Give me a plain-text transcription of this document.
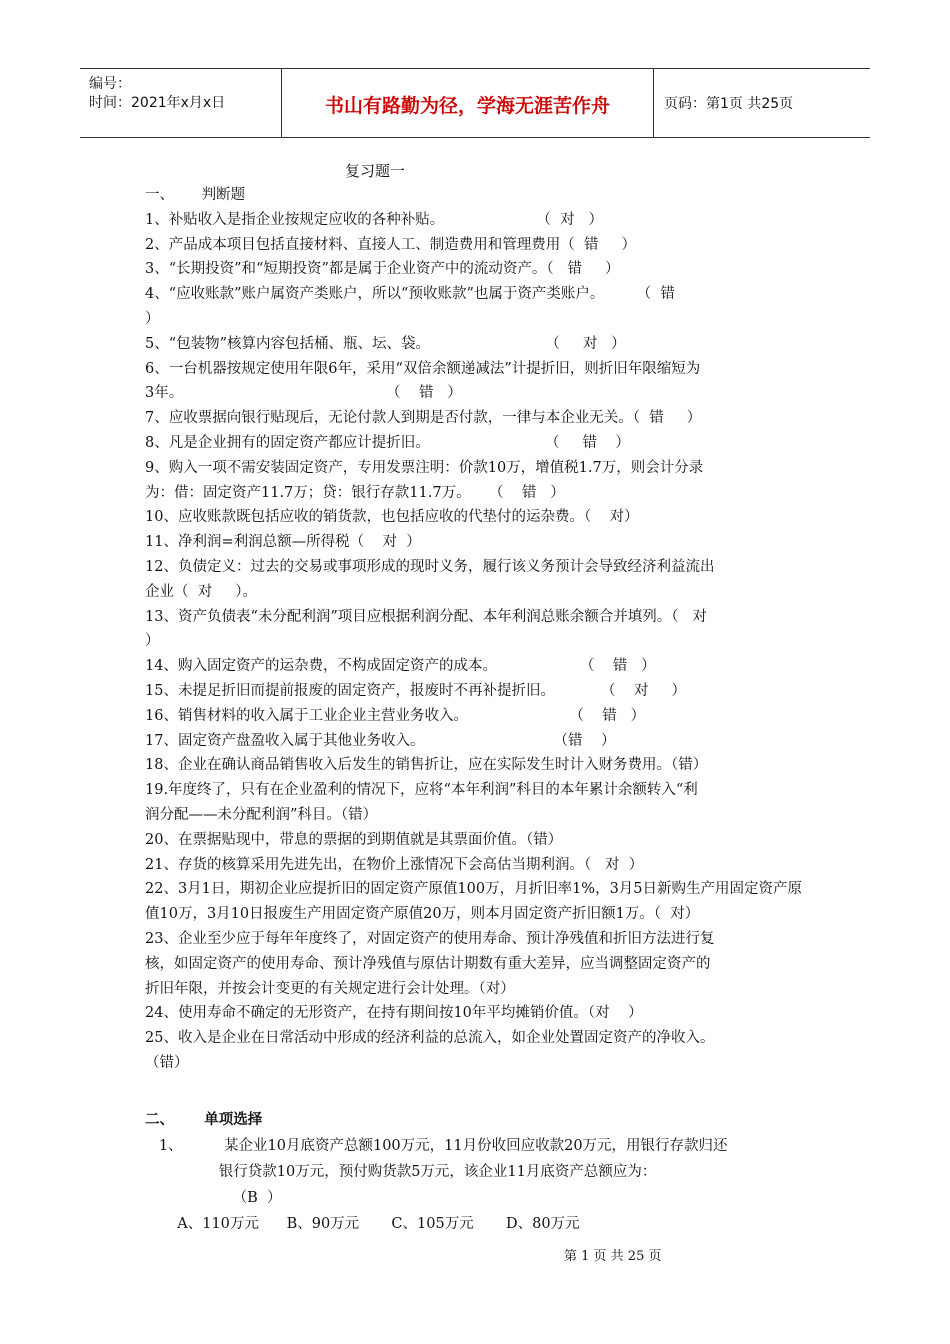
编号：
时间：2021年x月x日	书山有路勤为径，学海无涯苦作舟	页码：第1页 共25页
复习题一
一、      判断题
1、补贴收入是指企业按规定应收的各种补贴。                    （  对   ）
2、产品成本项目包括直接材料、直接人工、制造费用和管理费用（  错     ）
3、“长期投资”和“短期投资”都是属于企业资产中的流动资产。（   错     ）
4、“应收账款”账户属资产类账户，所以“预收账款”也属于资产类账户。       （  错
）
5、“包装物”核算内容包括桶、瓶、坛、袋。                         （     对   ）
6、一台机器按规定使用年限6年，采用“双倍余额递减法”计提折旧，则折旧年限缩短为
3年。                                            （    错   ）
7、应收票据向银行贴现后，无论付款人到期是否付款，一律与本企业无关。（  错     ）
8、凡是企业拥有的固定资产都应计提折旧。                         （     错    ）
9、购入一项不需安装固定资产，专用发票注明：价款10万，增值税1.7万，则会计分录
为：借：固定资产11.7万；贷：银行存款11.7万。    （    错   ）
10、应收账款既包括应收的销货款，也包括应收的代垫付的运杂费。（    对）
11、净利润=利润总额—所得税（    对  ）
12、负债定义：过去的交易或事项形成的现时义务，履行该义务预计会导致经济利益流出
企业（  对     ）。
13、资产负债表“未分配利润”项目应根据利润分配、本年利润总账余额合并填列。（   对
）
14、购入固定资产的运杂费，不构成固定资产的成本。                  （    错   ）
15、未提足折旧而提前报废的固定资产，报废时不再补提折旧。          （    对     ）
16、销售材料的收入属于工业企业主营业务收入。                      （    错   ）
17、固定资产盘盈收入属于其他业务收入。                            （错    ）
18、企业在确认商品销售收入后发生的销售折让，应在实际发生时计入财务费用。（错）
19.年度终了，只有在企业盈利的情况下，应将“本年利润”科目的本年累计余额转入“利
润分配——未分配利润”科目。（错）
20、在票据贴现中，带息的票据的到期值就是其票面价值。（错）
21、存货的核算采用先进先出，在物价上涨情况下会高估当期利润。（   对  ）
22、3月1日，期初企业应提折旧的固定资产原值100万，月折旧率1%，3月5日新购生产用固定资产原
值10万，3月10日报废生产用固定资产原值20万，则本月固定资产折旧额1万。（  对）
23、企业至少应于每年年度终了，对固定资产的使用寿命、预计净残值和折旧方法进行复
核，如固定资产的使用寿命、预计净残值与原估计期数有重大差异，应当调整固定资产的
折旧年限，并按会计变更的有关规定进行会计处理。（对）
24、使用寿命不确定的无形资产，在持有期间按10年平均摊销价值。（对    ）
25、收入是企业在日常活动中形成的经济利益的总流入，如企业处置固定资产的净收入。
（错）
二、      单项选择
1、         某企业10月底资产总额100万元，11月份收回应收款20万元，用银行存款归还
银行贷款10万元，预付购货款5万元，该企业11月底资产总额应为：
（B  ）
A、110万元      B、90万元       C、105万元       D、80万元
第 1 页 共 25 页
